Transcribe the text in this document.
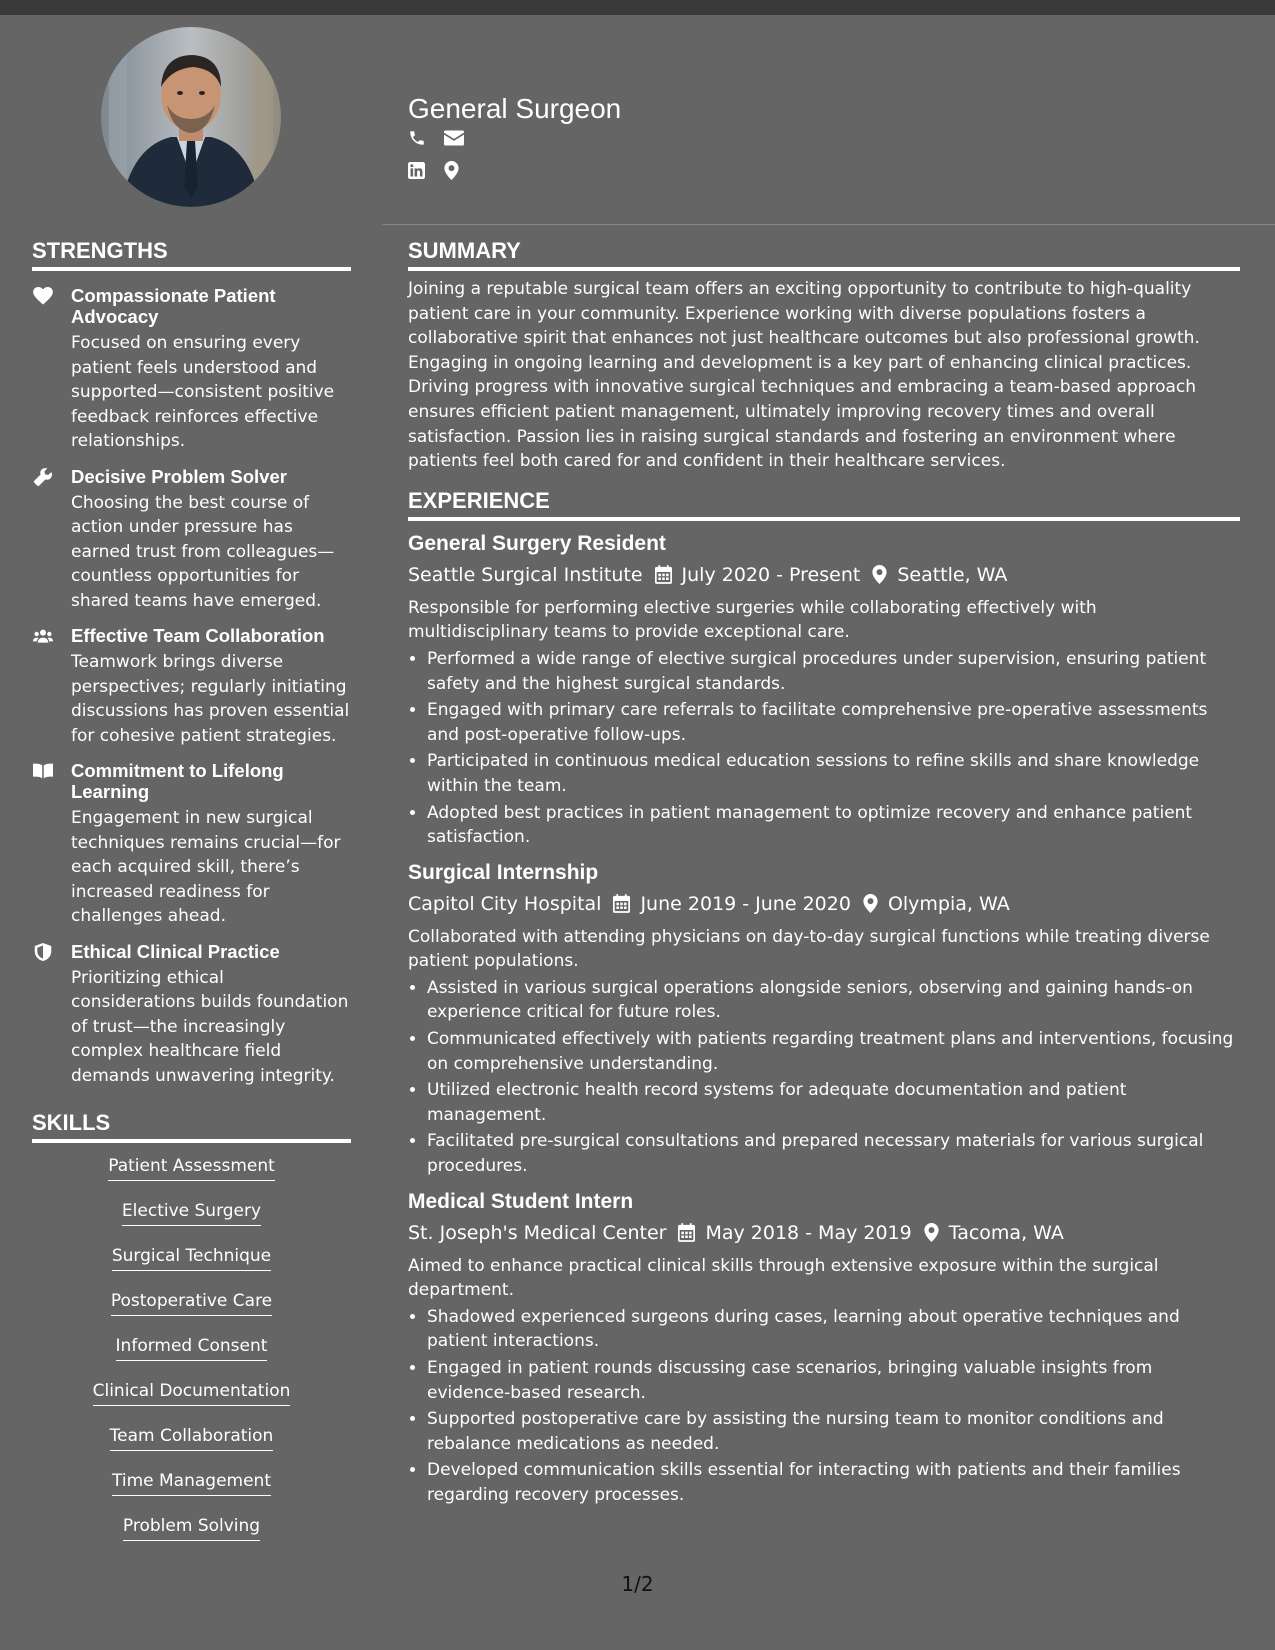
General Surgeon
STRENGTHS
Compassionate Patient Advocacy
Focused on ensuring every patient feels understood and supported—consistent positive feedback reinforces effective relationships.
Decisive Problem Solver
Choosing the best course of action under pressure has earned trust from colleagues—countless opportunities for shared teams have emerged.
Effective Team Collaboration
Teamwork brings diverse perspectives; regularly initiating discussions has proven essential for cohesive patient strategies.
Commitment to Lifelong Learning
Engagement in new surgical techniques remains crucial—for each acquired skill, there’s increased readiness for challenges ahead.
Ethical Clinical Practice
Prioritizing ethical considerations builds foundation of trust—the increasingly complex healthcare field demands unwavering integrity.
SKILLS
Patient Assessment
Elective Surgery
Surgical Technique
Postoperative Care
Informed Consent
Clinical Documentation
Team Collaboration
Time Management
Problem Solving
SUMMARY

Joining a reputable surgical team offers an exciting opportunity to contribute to high-quality patient care in your community. Experience working with diverse populations fosters a collaborative spirit that enhances not just healthcare outcomes but also professional growth. Engaging in ongoing learning and development is a key part of enhancing clinical practices. Driving progress with innovative surgical techniques and embracing a team-based approach ensures efficient patient management, ultimately improving recovery times and overall satisfaction. Passion lies in raising surgical standards and fostering an environment where patients feel both cared for and confident in their healthcare services.

EXPERIENCE
General Surgery Resident
Seattle Surgical Institute July 2020 - Present Seattle, WA
Responsible for performing elective surgeries while collaborating effectively with multidisciplinary teams to provide exceptional care.
• Performed a wide range of elective surgical procedures under supervision, ensuring patient safety and the highest surgical standards.
• Engaged with primary care referrals to facilitate comprehensive pre-operative assessments and post-operative follow-ups.
• Participated in continuous medical education sessions to refine skills and share knowledge within the team.
• Adopted best practices in patient management to optimize recovery and enhance patient satisfaction.
Surgical Internship
Capitol City Hospital June 2019 - June 2020 Olympia, WA
Collaborated with attending physicians on day-to-day surgical functions while treating diverse patient populations.
• Assisted in various surgical operations alongside seniors, observing and gaining hands-on experience critical for future roles.
• Communicated effectively with patients regarding treatment plans and interventions, focusing on comprehensive understanding.
• Utilized electronic health record systems for adequate documentation and patient management.
• Facilitated pre-surgical consultations and prepared necessary materials for various surgical procedures.
Medical Student Intern
St. Joseph's Medical Center May 2018 - May 2019 Tacoma, WA
Aimed to enhance practical clinical skills through extensive exposure within the surgical department.
• Shadowed experienced surgeons during cases, learning about operative techniques and patient interactions.
• Engaged in patient rounds discussing case scenarios, bringing valuable insights from evidence-based research.
• Supported postoperative care by assisting the nursing team to monitor conditions and rebalance medications as needed.
• Developed communication skills essential for interacting with patients and their families regarding recovery processes.
1/2
